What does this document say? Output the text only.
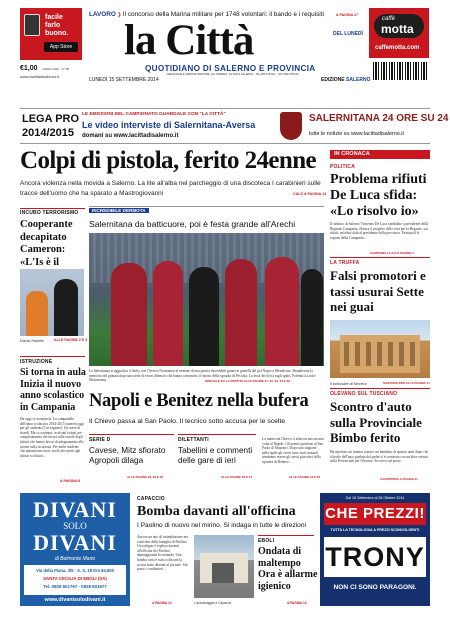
facile
farlo
buono.
App Store
€1,00 ANNO XXIII - N° 96
www.lacittadisalerno.it
LAVORO ❯ Il concorso della Marina militare per 1748 volontari: il bando e i requisiti	A PAGINA 17
la Città	DEL LUNEDÌ
QUOTIDIANO DI SALERNO E PROVINCIA
LUNEDÌ 15 SETTEMBRE 2014
REDAZIONE E AMMINISTRAZIONE: VIA TIRRENO, 34/ 84131 SALERNO · TEL 089 2783111 · FAX 089 2783154
EDIZIONE SALERNO
caffè
motta
caffemotta.com
LEGA PRO
2014/2015
LE EMOZIONI DEL CAMPIONATO GUARDALE CON "LA CITTÀ"
Le video interviste di Salernitana-Aversa
domani su www.lacittadisalerno.it
SALERNITANA 24 ORE SU 24
tutte le notizie su www.lacittadisalerno.it
Colpi di pistola, ferito 24enne
Ancora violenza nella movida a Salerno. La lite all'alba nel parcheggio di una discoteca I carabinieri sulle tracce dell'uomo che ha sparato a Mastrogiovanni	CALÒ A PAGINA 13
INCUBO TERRORISMO
Cooperante decapitato Cameron: «L'Is è il
David Haines	ALLE PAGINE 2 E 3
ISTRUZIONE
Si torna in aula Inizia il nuovo anno scolastico in Campania
Da oggi si ricomincia. La campanella dell'anno scolastico 2014-2015 suonerà oggi per gli studenti (5 in ragione). Un mese di ritardi. Ma si continua: in alcuni istituti per completamento dei lavori sulle scuole degli istituti che hanno lavori di adeguamento alle norme sulla sicurezza. Per molti studenti che annunciano fuori, molti dei nostri agli istituti scolastici...
A PAGINA 8
INCREDIBILE DERMOTA
Salernitana da batticuore, poi è festa grande all'Arechi
La Salernitana si aggiudica il derby con l'Aversa Normanna al termine di una partita incredibile grazie ai gemelli del gol Negro e Mendicino. Sbandierata la memoria del granata dopo una serie di errori difensivi che hanno consentito il ritorno della squadra di Pecchia. La festa dei tifosi sugli spalti. Polemica Lotito-Mezzaroma.	SPECIALE DA LA PARTITA ALLE PAGINE 31, 32, 33, 34 E 35
Napoli e Benitez nella bufera
Il Chievo passa al San Paolo. Il tecnico sotto accusa per le scelte
SERIE D
Cavese, Mitz sfiorato Agropoli dilaga
ALLE PAGINE 28, 29 E 30
DILETTANTI
Tabellini e commenti delle gare di ieri
ALLE PAGINE 36 E 37
La matricola Chievo si affaccia ancora una volta al Napoli. Gli azzurri perdono al San Paolo di Mazzarri. Dopo una stagione nella quale gli errori sono stati costanti sembrano essere gli stessi giocatori della squadra di Benitez...
ALLE PAGINE 24 E 25
IN CRONACA
POLITICA
Problema rifiuti De Luca sfida: «Lo risolvo io»
Il sindaco di Salerno Vincenzo De Luca candidato a presidente della Regione Campania, illustra il progetto della città per la Regione, sui rifiuti, un'altra sfida al presidente della provincia. Principali le regioni della Campania...
CAMPANELLA ALLE PAGINE 5
LA TRUFFA
Falsi promotori e tassi usurai Sette nei guai
Il tribunale di Nocera	SANTORO PER ALLA PAGINA 17
OLEVANO SUL TUSCIANO
Scontro d'auto sulla Provinciale Bimbo ferito
Ha riportato un trauma cranico un bambino di quattro anni dopo che a bordo dell'auto guidata dal padre si è scontrato con un'altra vettura sulla Provinciale per Olevano. Soccorsi sul posto.
CANAPPERA A PAGINA 11
DIVANI
SOLO
DIVANI
di Belmonte Mario
Via della Piana, 3/5 · S. S. 18 Km 84.500
SANTA CECILIA DI EBOLI (SA)
Tel. 0828 601767 - 0828 601677
www.divanisolodivani.it
CAPACCIO
Bomba davanti all'officina
I Paolino di nuovo nel mirino. Si indaga in tutte le direzioni
Ancora un atto di intimidazione nei confronti della famiglia di Paolino. Un ordigno è esploso davanti all'officina dei Paolino, danneggiando la serranda. Una bomba carta è stata collocata la scorsa notte davanti al portone. Sul posto i carabinieri...
L'autolavaggio a Capaccio
A PAGINA 10
EBOLI
Ondata di maltempo Ora è allarme igienico
A PAGINA 13
Dal 15 Settembre al 28 Ottobre 2014
CHE PREZZI!
TUTTA LA TECNOLOGIA A PREZZI SCONVOLGENTI
TRONY
NON CI SONO PARAGONI.
